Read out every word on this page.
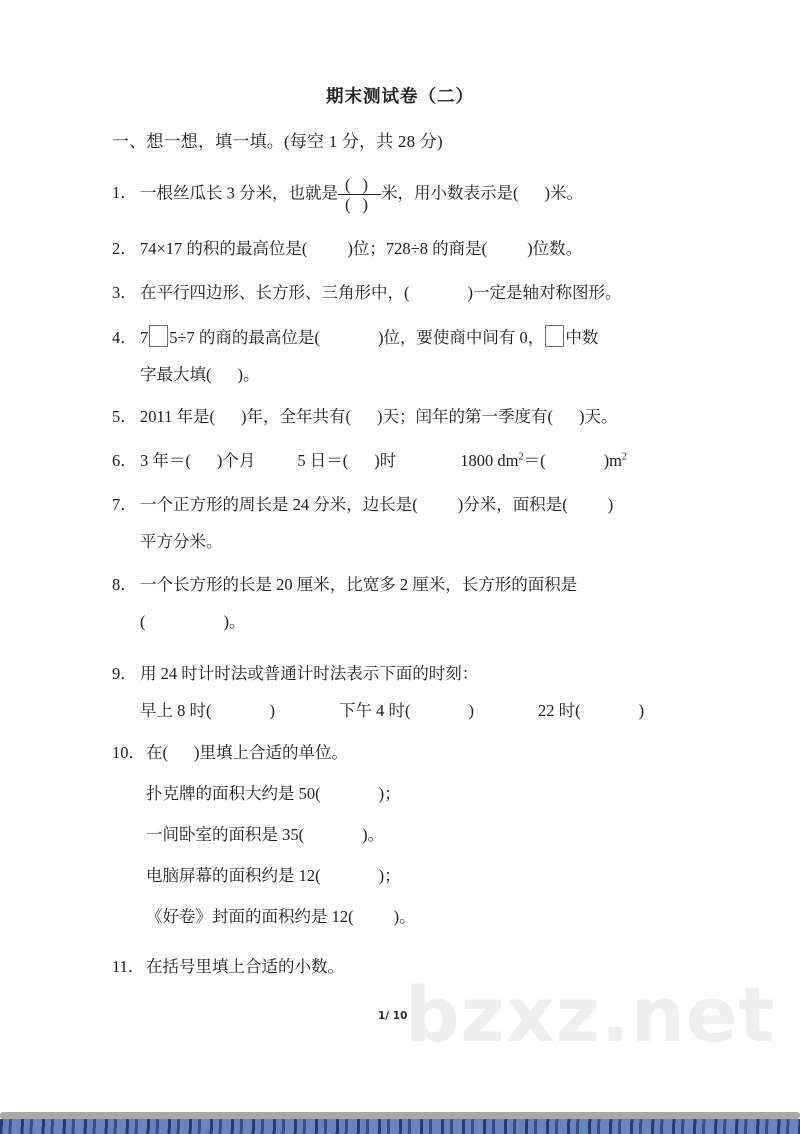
bzxz.net
期末测试卷（二）
一、想一想，填一填。(每空 1 分，共 28 分)
1． 一根丝瓜长 3 分米，也就是 $\frac{()}{()}$ 米，用小数表示是( )米。
2． 74×17 的积的最高位是( )位；728÷8 的商是( )位数。
3． 在平行四边形、长方形、三角形中，(	)一定是轴对称图形。
4． 7 5÷7 的商的最高位是(	)位，要使商中间有 0， 中数
字最大填( )。
5． 2011 年是( )年，全年共有( )天；闰年的第一季度有( )天。
6． 3 年＝( )个月	5 日＝( )时	1800 $dm^2=$(	)$m^2$
7． 一个正方形的周长是 24 分米，边长是( )分米，面积是( )
平方分米。
8． 一个长方形的长是 20 厘米，比宽多 2 厘米，长方形的面积是
(	)。
9． 用 24 时计时法或普通计时法表示下面的时刻：
早上 8 时(	)	下午 4 时(	)	22 时(	)
10．在( )里填上合适的单位。
扑克牌的面积大约是 50(	)；
一间卧室的面积是 35(	)。
电脑屏幕的面积约是 12(	)；
《好卷》封面的面积约是 12( )。
11．在括号里填上合适的小数。
1/ 10
